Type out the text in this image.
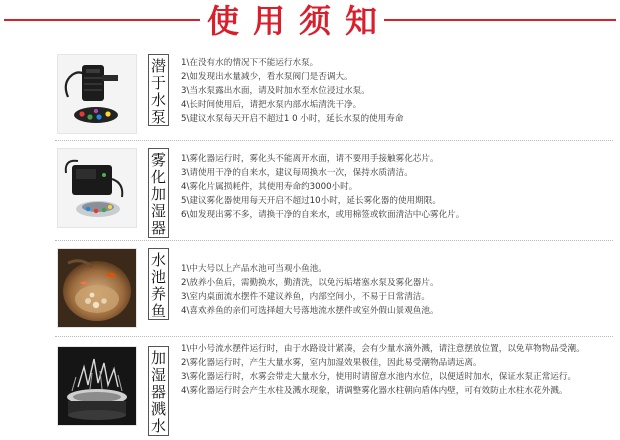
使 用 须 知
潜
于
水
泵
1\在没有水的情况下不能运行水泵。
2\如发现出水量减少，看水泵阀门是否调大。
3\当水泵露出水面，请及时加水至水位浸过水泵。
4\长时间使用后，请把水泵内部水垢清洗干净。
5\建议水泵每天开启不超过1 0 小时，延长水泵的使用寿命
雾
化
加
湿
器
1\雾化器运行时，雾化头不能离开水面，请不要用手接触雾化芯片。
3\请使用干净的自来水，建议每周换水一次，保持水质清洁。
4\雾化片属损耗件，其使用寿命约3000小时。
5\建议雾化器使用每天开启不超过10小时，延长雾化器的使用期限。
6\如发现出雾不多，请换干净的自来水，或用棉签或软面清洁中心雾化片。
水
池
养
鱼
1\中大号以上产品水池可当观小鱼池。
2\放养小鱼后，需勤换水，勤清洗，以免污垢堵塞水泵及雾化器片。
3\室内桌面流水摆件不建议养鱼，内部空间小，不易于日常清洁。
4\喜欢养鱼的亲们可选择超大号落地流水摆件或室外假山景观鱼池。
加
湿
器
溅
水
1\中小号流水摆件运行时，由于水路设计紧凑，会有少量水滴外溅，请注意摆放位置，以免草物物品受潮。
2\雾化器运行时，产生大量水雾，室内加湿效果极佳，因此易受潮物品请远离。
3\雾化器运行时，水雾会带走大量水分，使用时请留意水池内水位，以便适时加水，保证水泵正常运行。
4\雾化器运行时会产生水柱及溅水现象，请调整雾化器水柱朝向盾体内壁，可有效防止水柱水花外溅。
